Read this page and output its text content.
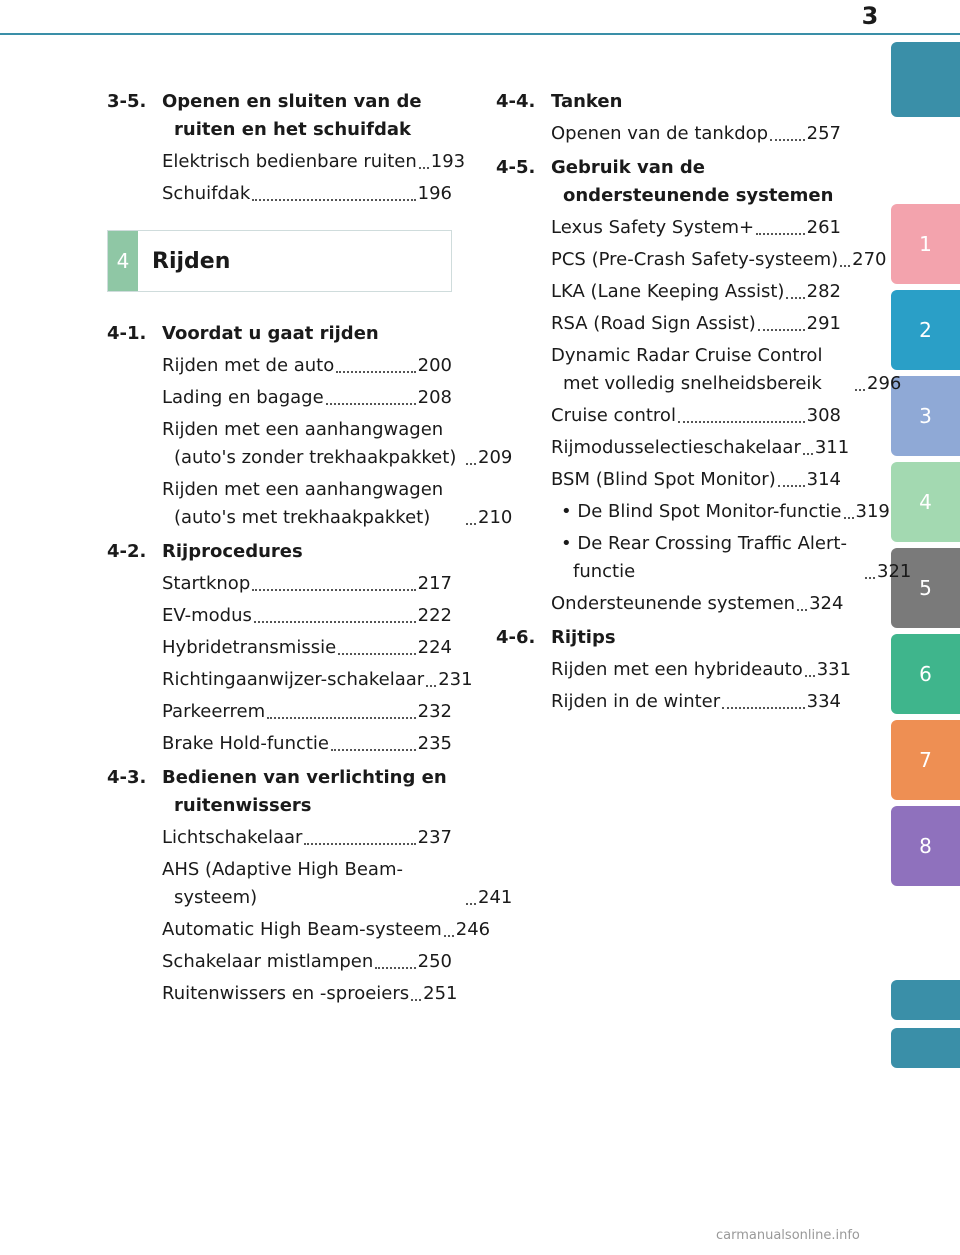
3
1
2
3
4
5
6
7
8
3-5. Openen en sluiten van de ruiten en het schuifdak
Elektrisch bedienbare ruiten 193
Schuifdak	196
4	Rijden
4-1. Voordat u gaat rijden
Rijden met de auto	200
Lading en bagage	208
Rijden met een aanhangwagen (auto's zonder trekhaakpakket)	209
Rijden met een aanhangwagen (auto's met trekhaakpakket)	210
4-2. Rijprocedures
Startknop	217
EV-modus	222
Hybridetransmissie	224
Richtingaanwijzer-schakelaar 231
Parkeerrem	232
Brake Hold-functie	235
4-3. Bedienen van verlichting en ruitenwissers
Lichtschakelaar	237
AHS (Adaptive High Beam-systeem)	241
Automatic High Beam-systeem 246
Schakelaar mistlampen 250
Ruitenwissers en -sproeiers 251
4-4. Tanken
Openen van de tankdop 257
4-5. Gebruik van de ondersteunende systemen
Lexus Safety System+	261
PCS (Pre-Crash Safety-systeem) 270
LKA (Lane Keeping Assist) 282
RSA (Road Sign Assist)	291
Dynamic Radar Cruise Control met volledig snelheidsbereik	296
Cruise control	308
Rijmodusselectieschakelaar 311
BSM (Blind Spot Monitor) 314
• De Blind Spot Monitor-functie 319
• De Rear Crossing Traffic Alert-functie	321
Ondersteunende systemen 324
4-6. Rijtips
Rijden met een hybrideauto 331
Rijden in de winter	334
carmanualsonline.info
